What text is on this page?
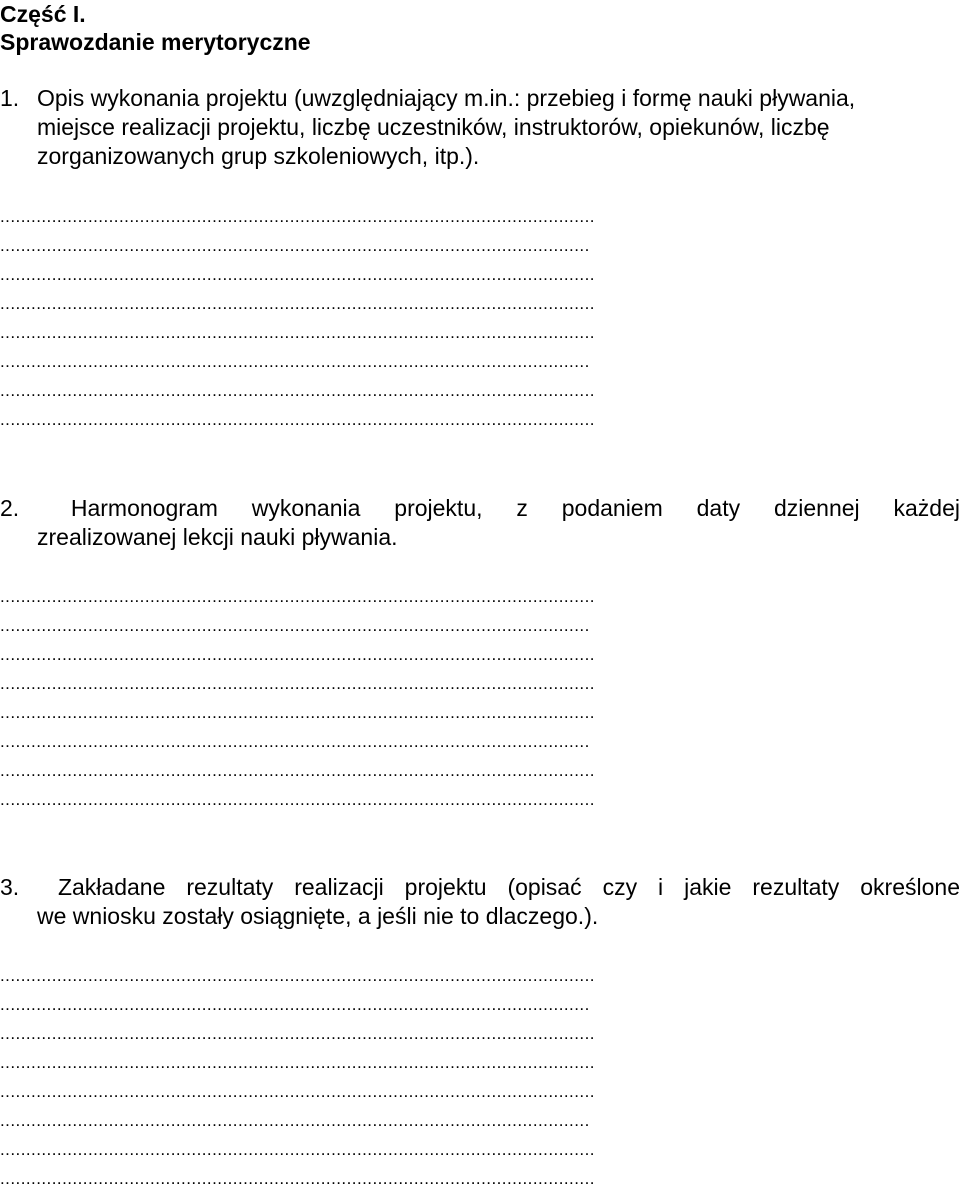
Część I.
Sprawozdanie merytoryczne
1. Opis wykonania projektu (uwzględniający m.in.: przebieg i formę nauki pływania,
miejsce realizacji projektu, liczbę uczestników, instruktorów, opiekunów, liczbę
zorganizowanych grup szkoleniowych, itp.).
...................................................................................................................
..................................................................................................................
...................................................................................................................
...................................................................................................................
...................................................................................................................
..................................................................................................................
...................................................................................................................
...................................................................................................................
2. Harmonogram wykonania projektu, z podaniem daty dziennej każdej
zrealizowanej lekcji nauki pływania.
...................................................................................................................
..................................................................................................................
...................................................................................................................
...................................................................................................................
...................................................................................................................
..................................................................................................................
...................................................................................................................
...................................................................................................................
3. Zakładane rezultaty realizacji projektu (opisać czy i jakie rezultaty określone
we wniosku zostały osiągnięte, a jeśli nie to dlaczego.).
...................................................................................................................
..................................................................................................................
...................................................................................................................
...................................................................................................................
...................................................................................................................
..................................................................................................................
...................................................................................................................
...................................................................................................................
